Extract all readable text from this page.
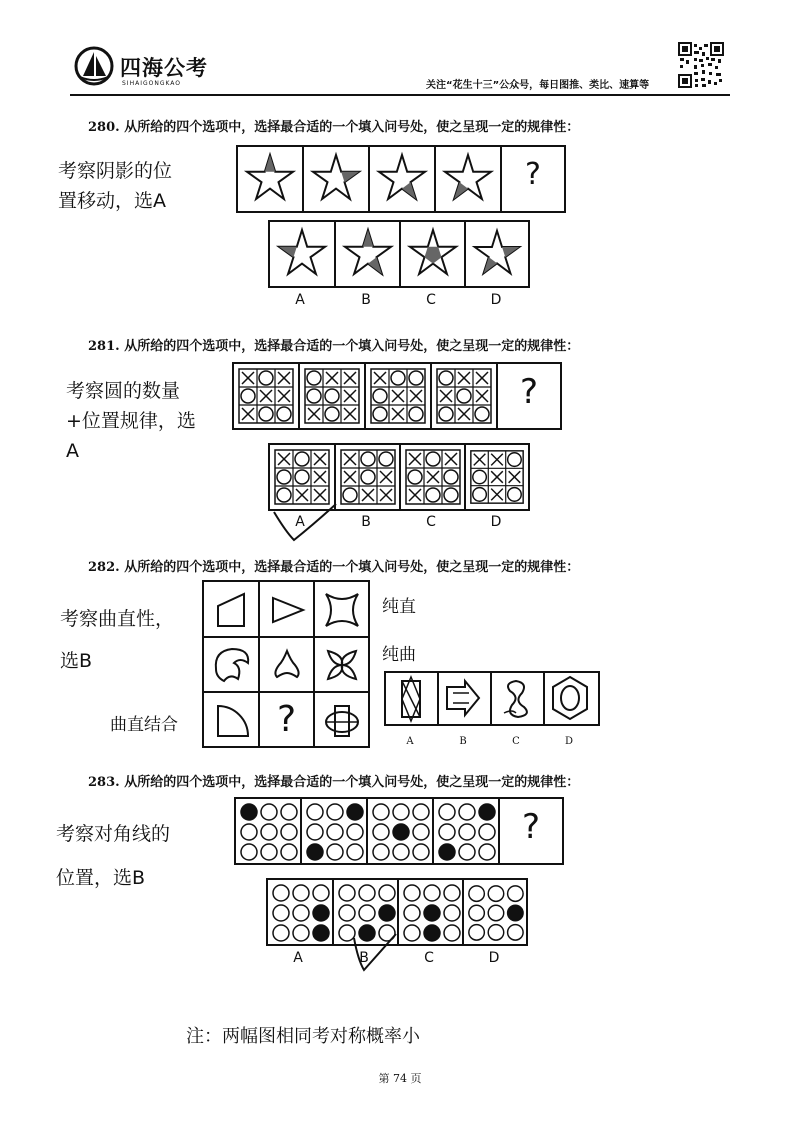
四海公考
SIHAIGONGKAO	关注“花生十三”公众号，每日图推、类比、速算等
280. 从所给的四个选项中，选择最合适的一个填入问号处，使之呈现一定的规律性：
考察阴影的位
置移动，选A
?
A	B	C	D
281. 从所给的四个选项中，选择最合适的一个填入问号处，使之呈现一定的规律性：
考察圆的数量
+位置规律，选
A
?
A	B	C	D
282. 从所给的四个选项中，选择最合适的一个填入问号处，使之呈现一定的规律性：
考察曲直性，
选B
曲直结合
纯直
纯曲
?
A	B	C	D
283. 从所给的四个选项中，选择最合适的一个填入问号处，使之呈现一定的规律性：
考察对角线的
位置，选B
?
A	B	C	D
注：两幅图相同考对称概率小
第 74 页
